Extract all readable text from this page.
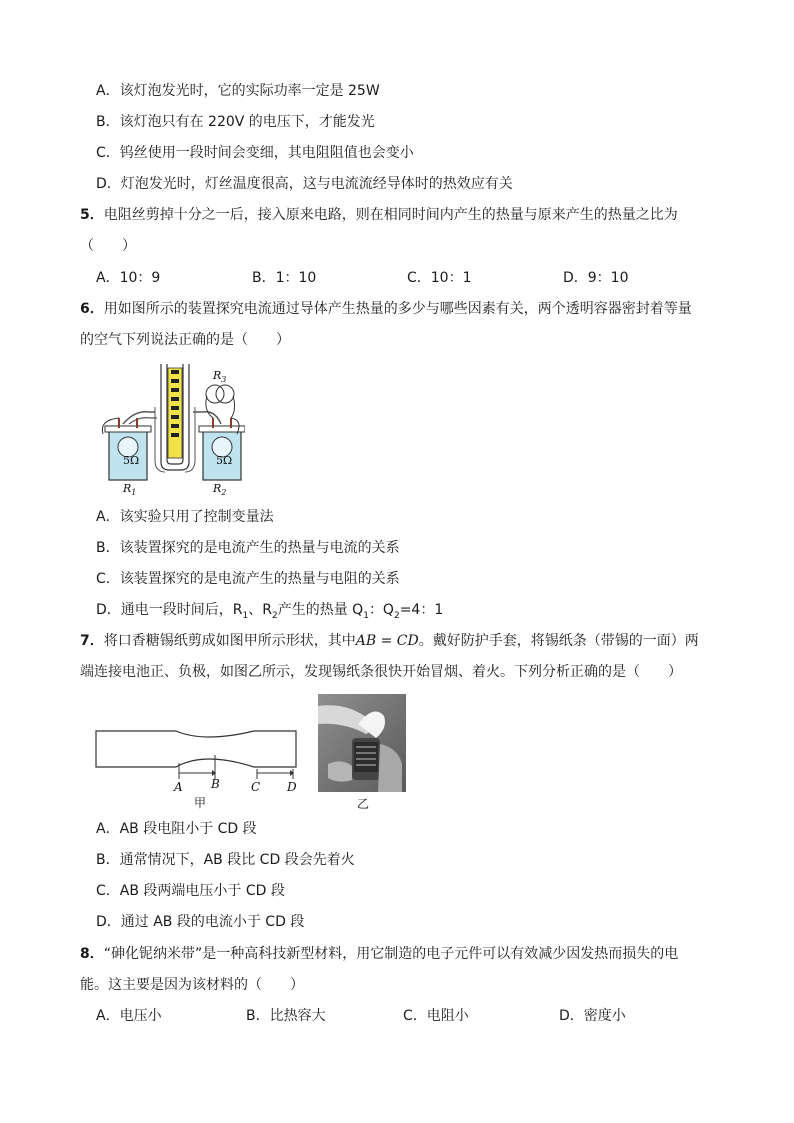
A．该灯泡发光时，它的实际功率一定是 25W
B．该灯泡只有在 220V 的电压下，才能发光
C．钨丝使用一段时间会变细，其电阻阻值也会变小
D．灯泡发光时，灯丝温度很高，这与电流流经导体时的热效应有关
5．电阻丝剪掉十分之一后，接入原来电路，则在相同时间内产生的热量与原来产生的热量之比为
（　　）
A．10：9	B．1：10	C．10：1	D．9：10
6．用如图所示的装置探究电流通过导体产生热量的多少与哪些因素有关，两个透明容器密封着等量
的空气下列说法正确的是（　　）
5Ω	5Ω
$R_3$
$R_1$	$R_2$
A．该实验只用了控制变量法
B．该装置探究的是电流产生的热量与电流的关系
C．该装置探究的是电流产生的热量与电阻的关系
D．通电一段时间后，$R_1$、$R_2$产生的热量 $Q_1$：$Q_2=4$：1
7．将口香糖锡纸剪成如图甲所示形状，其中AB = CD。戴好防护手套，将锡纸条（带锡的一面）两
端连接电池正、负极，如图乙所示，发现锡纸条很快开始冒烟、着火。下列分析正确的是（　　）
A B	C D
甲	乙
A．AB 段电阻小于 CD 段
B．通常情况下，AB 段比 CD 段会先着火
C．AB 段两端电压小于 CD 段
D．通过 AB 段的电流小于 CD 段
8．“砷化铌纳米带”是一种高科技新型材料，用它制造的电子元件可以有效减少因发热而损失的电
能。这主要是因为该材料的（　　）
A．电压小	B．比热容大	C．电阻小	D．密度小
